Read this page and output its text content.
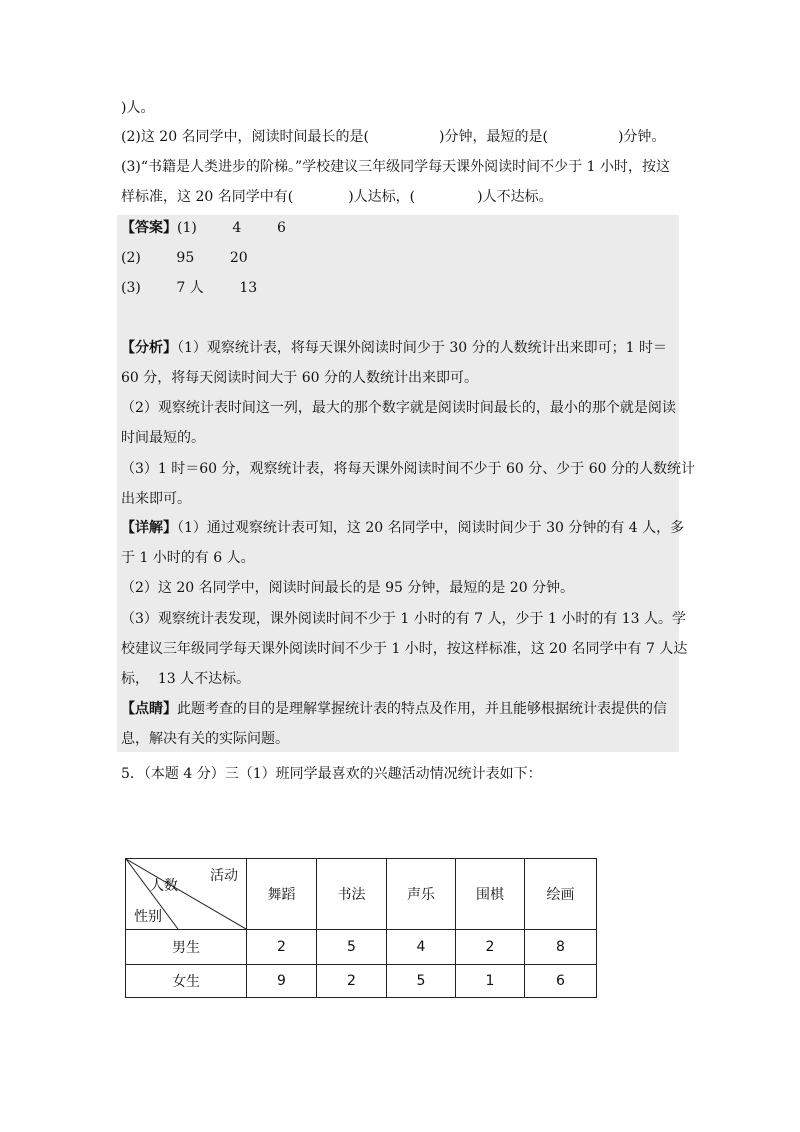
)人。
(2)这 20 名同学中，阅读时间最长的是(	)分钟，最短的是(	)分钟。
(3)“书籍是人类进步的阶梯。”学校建议三年级同学每天课外阅读时间不少于 1 小时，按这
样标准，这 20 名同学中有(	)人达标，(	)人不达标。
【答案】(1)        4        6
(2)        95        20
(3)        7 人        13
【分析】（1）观察统计表，将每天课外阅读时间少于 30 分的人数统计出来即可；1 时＝
60 分，将每天阅读时间大于 60 分的人数统计出来即可。
（2）观察统计表时间这一列，最大的那个数字就是阅读时间最长的，最小的那个就是阅读
时间最短的。
（3）1 时＝60 分，观察统计表，将每天课外阅读时间不少于 60 分、少于 60 分的人数统计
出来即可。
【详解】（1）通过观察统计表可知，这 20 名同学中，阅读时间少于 30 分钟的有 4 人，多
于 1 小时的有 6 人。
（2）这 20 名同学中，阅读时间最长的是 95 分钟，最短的是 20 分钟。
（3）观察统计表发现，课外阅读时间不少于 1 小时的有 7 人，少于 1 小时的有 13 人。学
校建议三年级同学每天课外阅读时间不少于 1 小时，按这样标准，这 20 名同学中有 7 人达
标，  13 人不达标。
【点睛】此题考查的目的是理解掌握统计表的特点及作用，并且能够根据统计表提供的信
息，解决有关的实际问题。
5．（本题 4 分）三（1）班同学最喜欢的兴趣活动情况统计表如下：
活动
人数
性别	舞蹈	书法	声乐	围棋	绘画
男生	2	5	4	2	8
女生	9	2	5	1	6
